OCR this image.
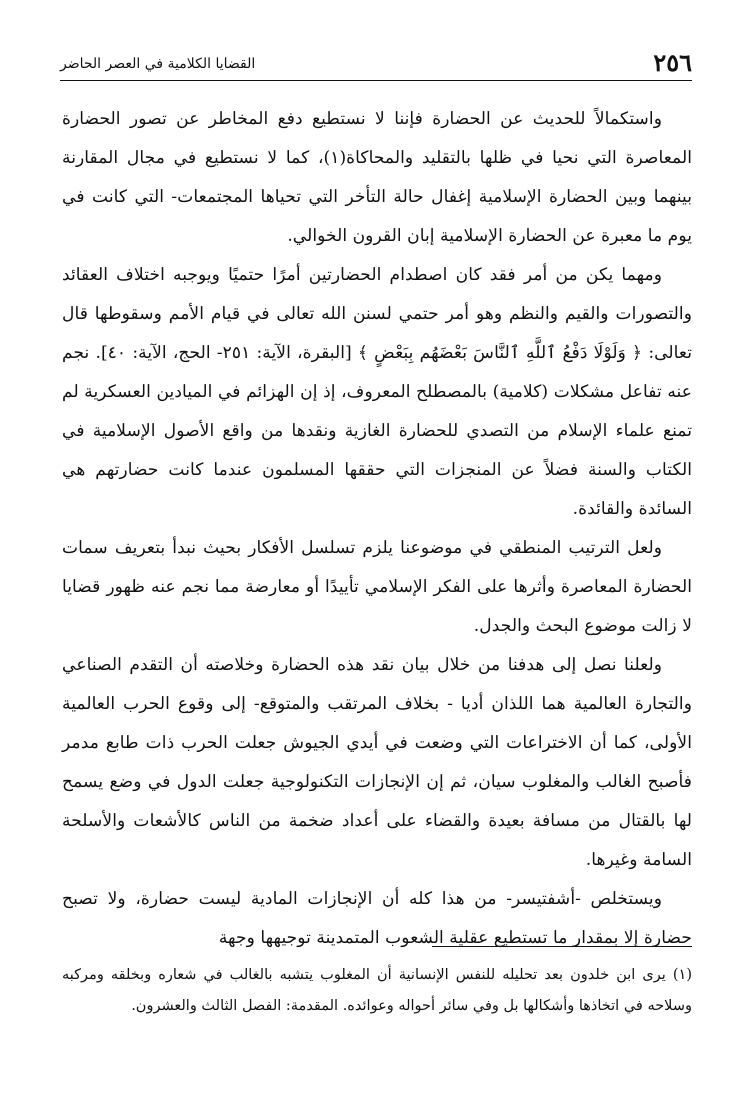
٢٥٦
القضايا الكلامية في العصر الحاضر

واستكمالاً للحديث عن الحضارة فإننا لا نستطيع دفع المخاطر عن تصور الحضارة المعاصرة التي نحيا في ظلها بالتقليد والمحاكاة(١)، كما لا نستطيع في مجال المقارنة بينهما وبين الحضارة الإسلامية إغفال حالة التأخر التي تحياها المجتمعات- التي كانت في يوم ما معبرة عن الحضارة الإسلامية إبان القرون الخوالي.

ومهما يكن من أمر فقد كان اصطدام الحضارتين أمرًا حتميًا ويوجبه اختلاف العقائد والتصورات والقيم والنظم وهو أمر حتمي لسنن الله تعالى في قيام الأمم وسقوطها قال تعالى: ﴿ وَلَوْلَا دَفْعُ ٱللَّهِ ٱلنَّاسَ بَعْضَهُم بِبَعْضٍ ﴾ [البقرة، الآية: ٢٥١- الحج، الآية: ٤٠]. نجم عنه تفاعل مشكلات (كلامية) بالمصطلح المعروف، إذ إن الهزائم في الميادين العسكرية لم تمنع علماء الإسلام من التصدي للحضارة الغازية ونقدها من واقع الأصول الإسلامية في الكتاب والسنة فضلاً عن المنجزات التي حققها المسلمون عندما كانت حضارتهم هي السائدة والقائدة.

ولعل الترتيب المنطقي في موضوعنا يلزم تسلسل الأفكار بحيث نبدأ بتعريف سمات الحضارة المعاصرة وأثرها على الفكر الإسلامي تأييدًا أو معارضة مما نجم عنه ظهور قضايا لا زالت موضوع البحث والجدل.

ولعلنا نصل إلى هدفنا من خلال بيان نقد هذه الحضارة وخلاصته أن التقدم الصناعي والتجارة العالمية هما اللذان أديا - بخلاف المرتقب والمتوقع- إلى وقوع الحرب العالمية الأولى، كما أن الاختراعات التي وضعت في أيدي الجيوش جعلت الحرب ذات طابع مدمر فأصبح الغالب والمغلوب سيان، ثم إن الإنجازات التكنولوجية جعلت الدول في وضع يسمح لها بالقتال من مسافة بعيدة والقضاء على أعداد ضخمة من الناس كالأشعات والأسلحة السامة وغيرها.

ويستخلص -أشفتيسر- من هذا كله أن الإنجازات المادية ليست حضارة، ولا تصبح حضارة إلا بمقدار ما تستطيع عقلية الشعوب المتمدينة توجيهها وجهة

(١) يرى ابن خلدون بعد تحليله للنفس الإنسانية أن المغلوب يتشبه بالغالب في شعاره وبخلقه ومركبه وسلاحه في اتخاذها وأشكالها بل وفي سائر أحواله وعوائده. المقدمة: الفصل الثالث والعشرون.
